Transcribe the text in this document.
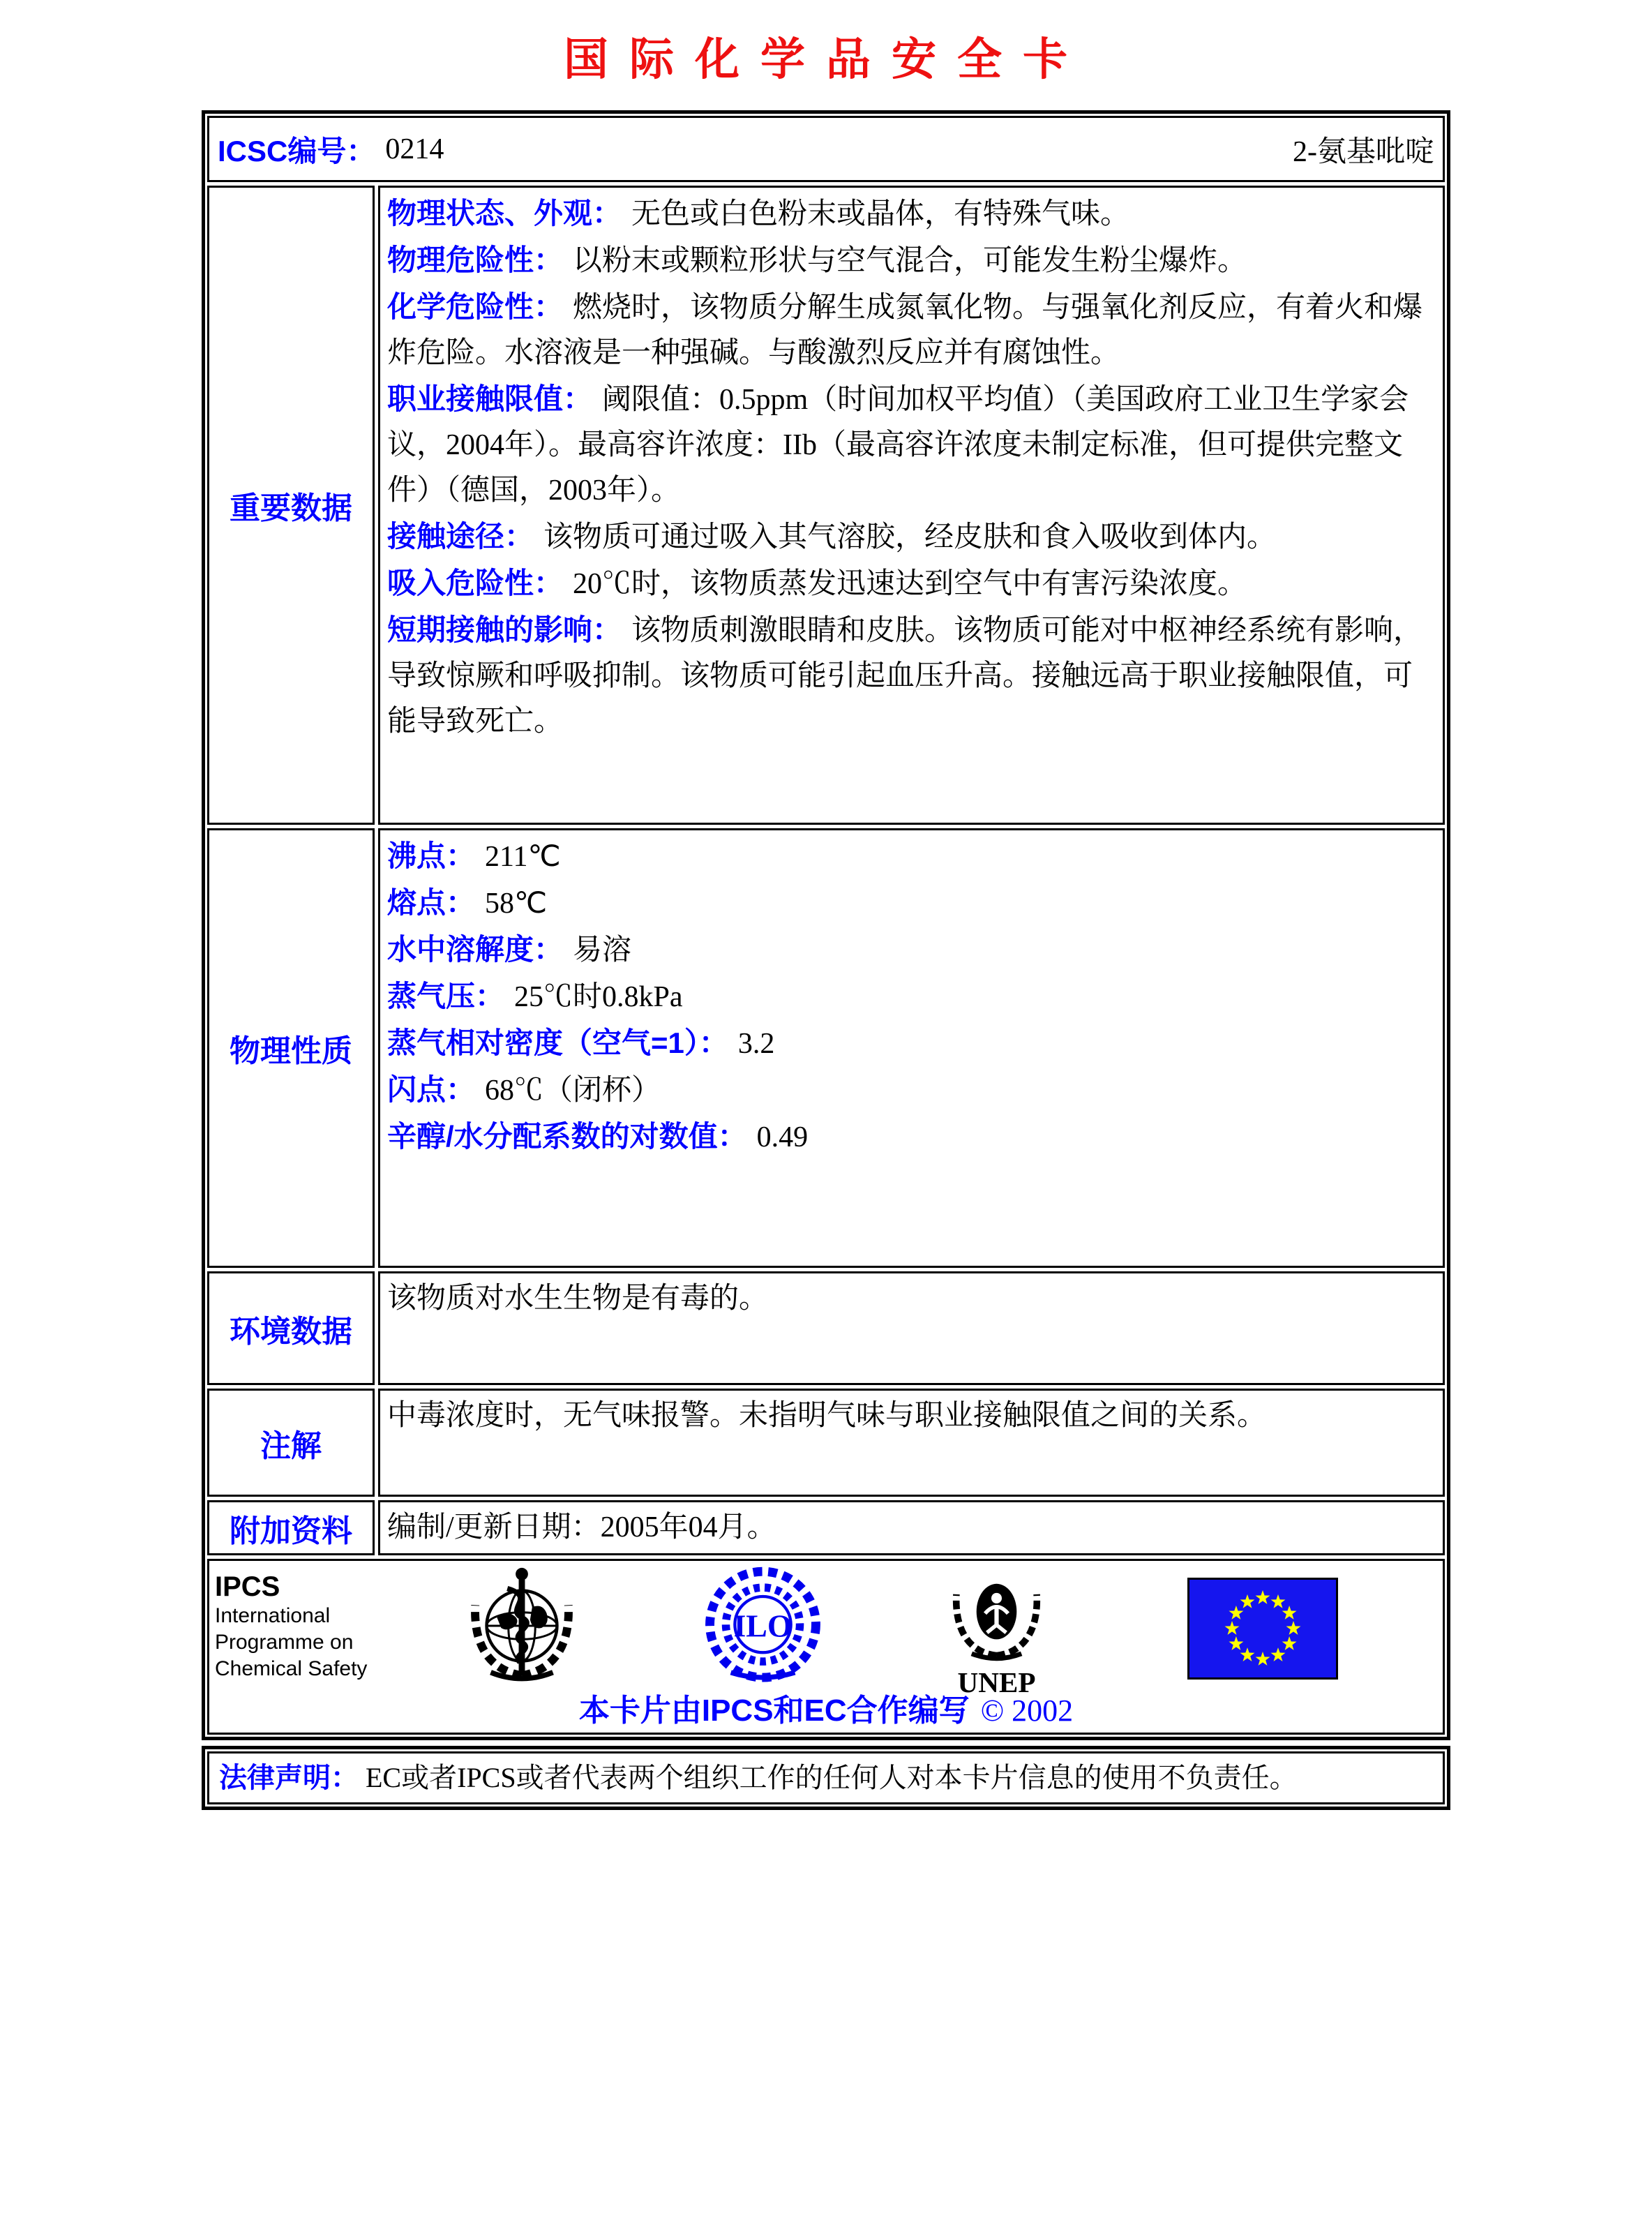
国际化学品安全卡
ICSC编号： 0214	2-氨基吡啶
重要数据

物理状态、外观： 无色或白色粉末或晶体，有特殊气味。

物理危险性： 以粉末或颗粒形状与空气混合，可能发生粉尘爆炸。

化学危险性： 燃烧时，该物质分解生成氮氧化物。与强氧化剂反应，有着火和爆炸危险。水溶液是一种强碱。与酸激烈反应并有腐蚀性。

职业接触限值： 阈限值：0.5ppm（时间加权平均值）（美国政府工业卫生学家会议，2004年）。最高容许浓度：IIb（最高容许浓度未制定标准，但可提供完整文件）（德国，2003年）。

接触途径： 该物质可通过吸入其气溶胶，经皮肤和食入吸收到体内。

吸入危险性： 20℃时，该物质蒸发迅速达到空气中有害污染浓度。

短期接触的影响： 该物质刺激眼睛和皮肤。该物质可能对中枢神经系统有影响，导致惊厥和呼吸抑制。该物质可能引起血压升高。接触远高于职业接触限值，可能导致死亡。

物理性质

沸点： 211℃

熔点： 58℃

水中溶解度： 易溶

蒸气压： 25℃时0.8kPa

蒸气相对密度（空气=1）： 3.2

闪点： 68℃（闭杯）

辛醇/水分配系数的对数值： 0.49

环境数据

该物质对水生生物是有毒的。

注解

中毒浓度时，无气味报警。未指明气味与职业接触限值之间的关系。

附加资料	编制/更新日期：2005年04月。

IPCS
International
Programme on
Chemical Safety
ILO
UNEP
本卡片由IPCS和EC合作编写 © 2002
法律声明： EC或者IPCS或者代表两个组织工作的任何人对本卡片信息的使用不负责任。
